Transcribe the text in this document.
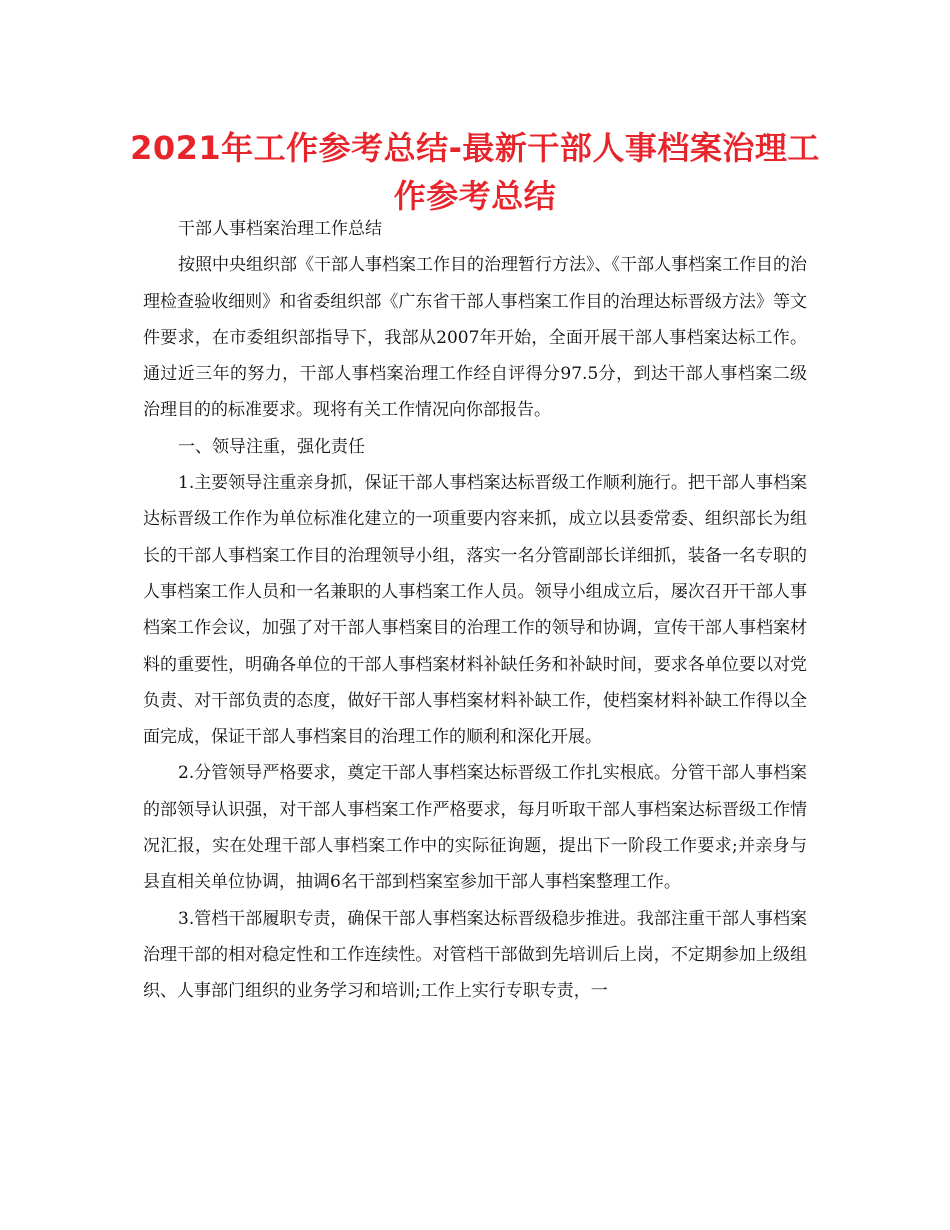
2021年工作参考总结-最新干部人事档案治理工
作参考总结

干部人事档案治理工作总结

按照中央组织部《干部人事档案工作目的治理暂行方法》、《干部人事档案工作目的治理检查验收细则》和省委组织部《广东省干部人事档案工作目的治理达标晋级方法》等文件要求，在市委组织部指导下，我部从2007年开始，全面开展干部人事档案达标工作。通过近三年的努力，干部人事档案治理工作经自评得分97.5分，到达干部人事档案二级治理目的的标准要求。现将有关工作情况向你部报告。

一、领导注重，强化责任

1.主要领导注重亲身抓，保证干部人事档案达标晋级工作顺利施行。把干部人事档案达标晋级工作作为单位标准化建立的一项重要内容来抓，成立以县委常委、组织部长为组长的干部人事档案工作目的治理领导小组，落实一名分管副部长详细抓，装备一名专职的人事档案工作人员和一名兼职的人事档案工作人员。领导小组成立后，屡次召开干部人事档案工作会议，加强了对干部人事档案目的治理工作的领导和协调，宣传干部人事档案材料的重要性，明确各单位的干部人事档案材料补缺任务和补缺时间，要求各单位要以对党负责、对干部负责的态度，做好干部人事档案材料补缺工作，使档案材料补缺工作得以全面完成，保证干部人事档案目的治理工作的顺利和深化开展。

2.分管领导严格要求，奠定干部人事档案达标晋级工作扎实根底。分管干部人事档案的部领导认识强，对干部人事档案工作严格要求，每月听取干部人事档案达标晋级工作情况汇报，实在处理干部人事档案工作中的实际征询题，提出下一阶段工作要求;并亲身与县直相关单位协调，抽调6名干部到档案室参加干部人事档案整理工作。

3.管档干部履职专责，确保干部人事档案达标晋级稳步推进。我部注重干部人事档案治理干部的相对稳定性和工作连续性。对管档干部做到先培训后上岗，不定期参加上级组织、人事部门组织的业务学习和培训;工作上实行专职专责，一
